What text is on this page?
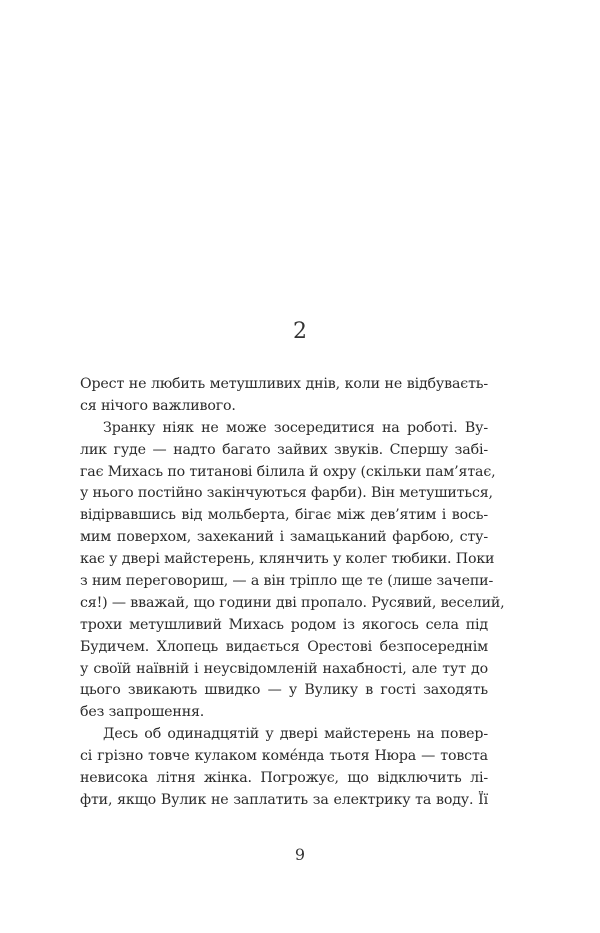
2
Орест не любить метушливих днів, коли не відбуваєть-
ся нічого важливого.
Зранку ніяк не може зосередитися на роботі. Ву-
лик гуде — надто багато зайвих звуків. Спершу забі-
гає Михась по титанові білила й охру (скільки пам’ятає,
у нього постійно закінчуються фарби). Він метушиться,
відірвавшись від мольберта, бігає між дев’ятим і вось-
мим поверхом, захеканий і замацьканий фарбою, сту-
кає у двері майстерень, клянчить у колег тюбики. Поки
з ним переговориш, — а він тріпло ще те (лише зачепи-
ся!) — вважай, що години дві пропало. Русявий, веселий,
трохи метушливий Михась родом із якогось села під
Будичем. Хлопець видається Орестові безпосереднім
у своїй наївній і неусвідомленій нахабності, але тут до
цього звикають швидко — у Вулику в гості заходять
без запрошення.
Десь об одинадцятій у двері майстерень на повер-
сі грізно товче кулаком комéнда тьотя Нюра — товста
невисока літня жінка. Погрожує, що відключить лі-
фти, якщо Вулик не заплатить за електрику та воду. Її
9
